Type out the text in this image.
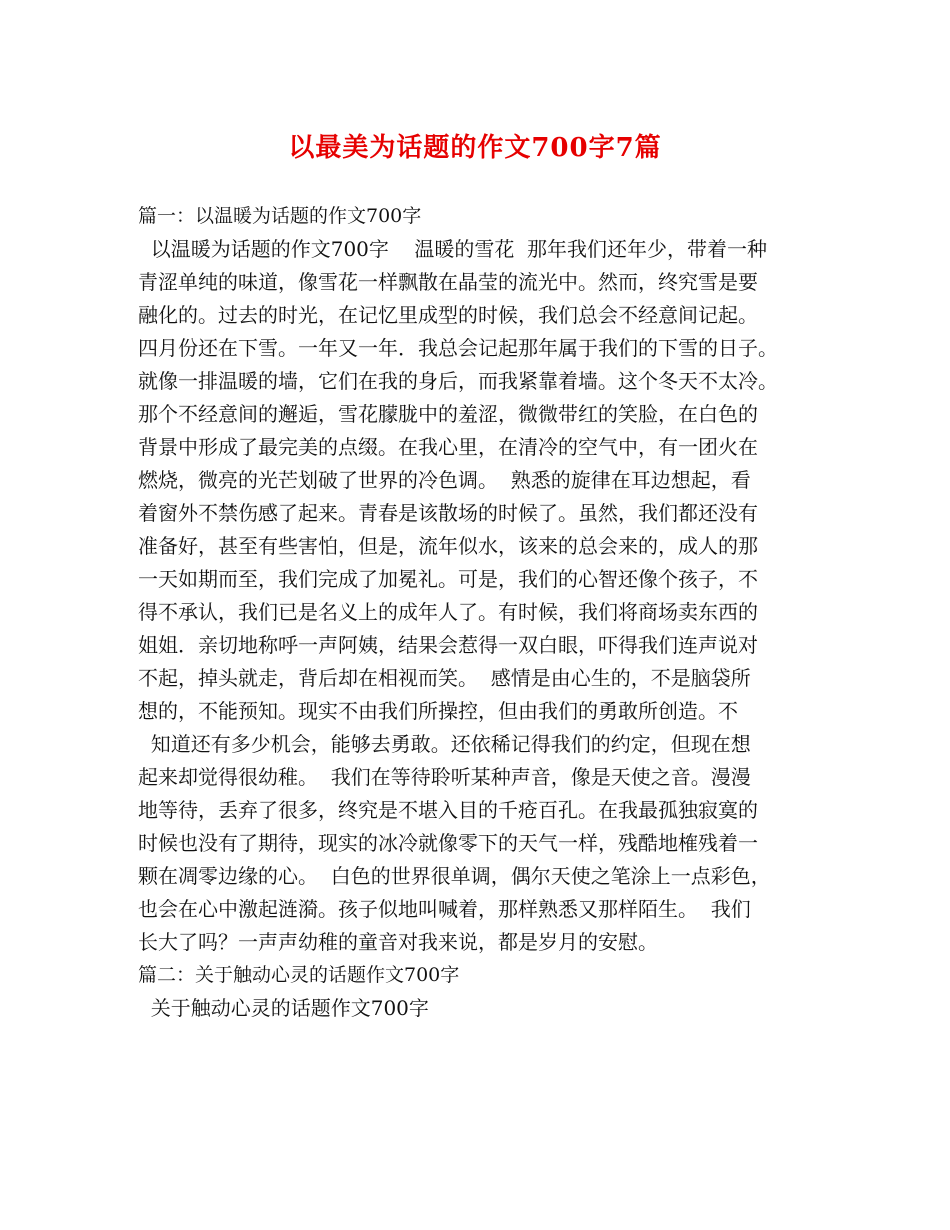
以最美为话题的作文700字7篇
篇一：以温暖为话题的作文700字
以温暖为话题的作文700字    温暖的雪花  那年我们还年少，带着一种
青涩单纯的味道，像雪花一样飘散在晶莹的流光中。然而，终究雪是要
融化的。过去的时光，在记忆里成型的时候，我们总会不经意间记起。
四月份还在下雪。一年又一年．我总会记起那年属于我们的下雪的日子。
就像一排温暖的墙，它们在我的身后，而我紧靠着墙。这个冬天不太冷。
那个不经意间的邂逅，雪花朦胧中的羞涩，微微带红的笑脸，在白色的
背景中形成了最完美的点缀。在我心里，在清冷的空气中，有一团火在
燃烧，微亮的光芒划破了世界的冷色调。  熟悉的旋律在耳边想起，看
着窗外不禁伤感了起来。青春是该散场的时候了。虽然，我们都还没有
准备好，甚至有些害怕，但是，流年似水，该来的总会来的，成人的那
一天如期而至，我们完成了加冕礼。可是，我们的心智还像个孩子，不
得不承认，我们已是名义上的成年人了。有时候，我们将商场卖东西的
姐姐．亲切地称呼一声阿姨，结果会惹得一双白眼，吓得我们连声说对
不起，掉头就走，背后却在相视而笑。  感情是由心生的，不是脑袋所
想的，不能预知。现实不由我们所操控，但由我们的勇敢所创造。不
知道还有多少机会，能够去勇敢。还依稀记得我们的约定，但现在想
起来却觉得很幼稚。  我们在等待聆听某种声音，像是天使之音。漫漫
地等待，丢弃了很多，终究是不堪入目的千疮百孔。在我最孤独寂寞的
时候也没有了期待，现实的冰冷就像零下的天气一样，残酷地榷残着一
颗在凋零边缘的心。  白色的世界很单调，偶尔天使之笔涂上一点彩色，
也会在心中激起涟漪。孩子似地叫喊着，那样熟悉又那样陌生。  我们
长大了吗？一声声幼稚的童音对我来说，都是岁月的安慰。
篇二：关于触动心灵的话题作文700字
关于触动心灵的话题作文700字
